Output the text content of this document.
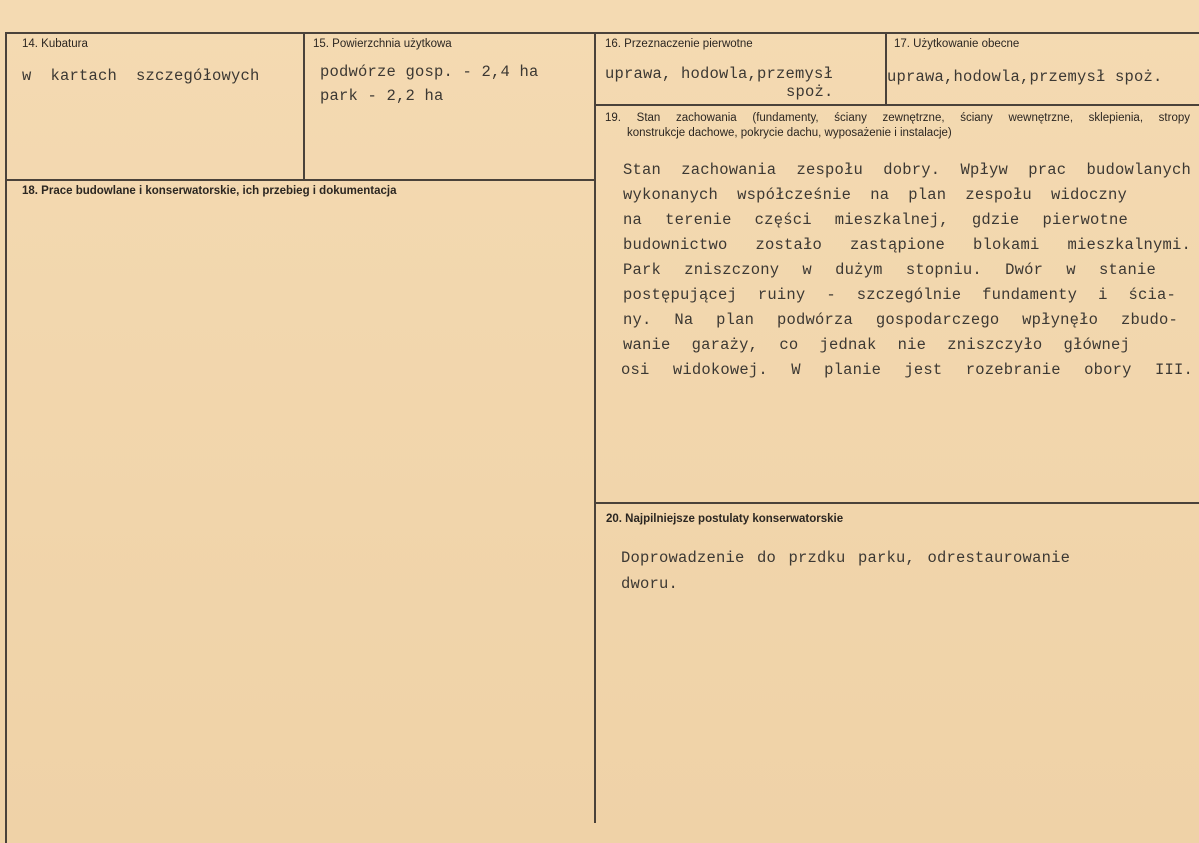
14. Kubatura
w  kartach  szczegółowych
15. Powierzchnia użytkowa
podwórze gosp. - 2,4 ha
park - 2,2 ha
16. Przeznaczenie pierwotne
uprawa, hodowla,przemysł
spoż.
17. Użytkowanie obecne
uprawa,hodowla,przemysł spoż.
18. Prace budowlane i konserwatorskie, ich przebieg i dokumentacja
19. Stan zachowania (fundamenty, ściany zewnętrzne, ściany wewnętrzne, sklepienia, stropy
konstrukcje dachowe, pokrycie dachu, wyposażenie i instalacje)
Stan zachowania zespołu dobry. Wpływ prac budowlanych
wykonanych współcześnie na plan zespołu widoczny
na terenie części mieszkalnej, gdzie pierwotne
budownictwo zostało zastąpione blokami mieszkalnymi.
Park zniszczony w dużym stopniu. Dwór w stanie
postępującej ruiny - szczególnie fundamenty i ścia-
ny. Na plan podwórza gospodarczego wpłynęło zbudo-
wanie garaży, co jednak nie zniszczyło głównej
osi widokowej. W planie jest rozebranie obory III.
20. Najpilniejsze postulaty konserwatorskie
Doprowadzenie do przdku parku, odrestaurowanie
dworu.
